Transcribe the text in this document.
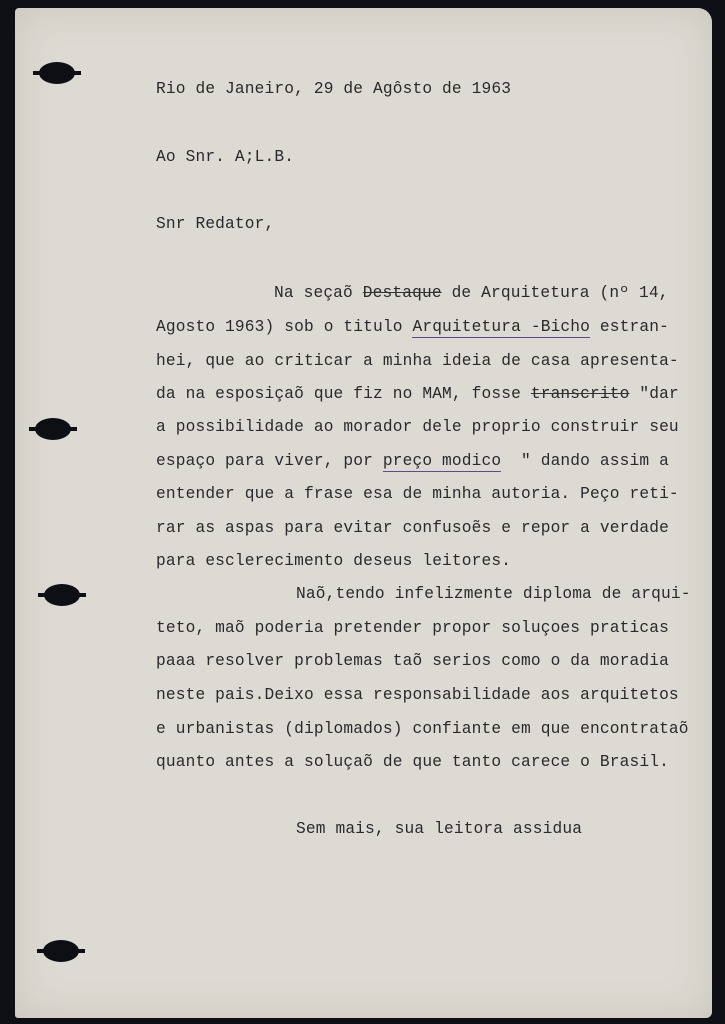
Rio de Janeiro, 29 de Agôsto de 1963

Ao Snr. A;L.B.

Snr Redator,

Na seçaõ Destaque de Arquitetura (nº 14,
Agosto 1963) sob o titulo Arquitetura -Bicho estran-
hei, que ao criticar a minha ideia de casa apresenta-
da na esposiçaõ que fiz no MAM, fosse transcrito "dar
a possibilidade ao morador dele proprio construir seu
espaço para viver, por preço modico  " dando assim a
entender que a frase esa de minha autoria. Peço reti-
rar as aspas para evitar confusoẽs e repor a verdade
para esclerecimento deseus leitores.

Naõ,tendo infelizmente diploma de arqui-
teto, maõ poderia pretender propor soluçoes praticas
paaa resolver problemas taõ serios como o da moradia
neste pais.Deixo essa responsabilidade aos arquitetos
e urbanistas (diplomados) confiante em que encontrataõ
quanto antes a soluçaõ de que tanto carece o Brasil.

Sem mais, sua leitora assidua
